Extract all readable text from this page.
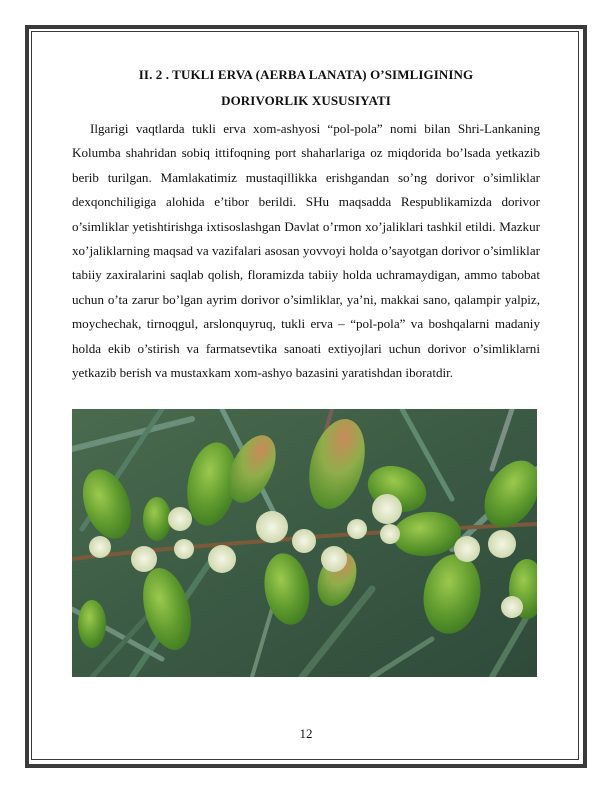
II. 2 . TUKLI ERVA (AERBA LANATA) O’SIMLIGINING
DORIVORLIK XUSUSIYATI

Ilgarigi vaqtlarda tukli erva xom-ashyosi “pol-pola” nomi bilan Shri-Lankaning Kolumba shahridan sobiq ittifoqning port shaharlariga oz miqdorida bo’lsada yetkazib berib turilgan. Mamlakatimiz mustaqillikka erishgandan so’ng dorivor o’simliklar dexqonchiligiga alohida e’tibor berildi. SHu maqsadda Respublikamizda dorivor o’simliklar yetishtirishga ixtisoslashgan Davlat o’rmon xo’jaliklari tashkil etildi. Mazkur xo’jaliklarning maqsad va vazifalari asosan yovvoyi holda o’sayotgan dorivor o’simliklar tabiiy zaxiralarini saqlab qolish, floramizda tabiiy holda uchramaydigan, ammo tabobat uchun o’ta zarur bo’lgan ayrim dorivor o’simliklar, ya’ni, makkai sano, qalampir yalpiz, moychechak, tirnoqgul, arslonquyruq, tukli erva – “pol-pola” va boshqalarni madaniy holda ekib o’stirish va farmatsevtika sanoati extiyojlari uchun dorivor o’simliklarni yetkazib berish va mustaxkam xom-ashyo bazasini yaratishdan iboratdir.

12
